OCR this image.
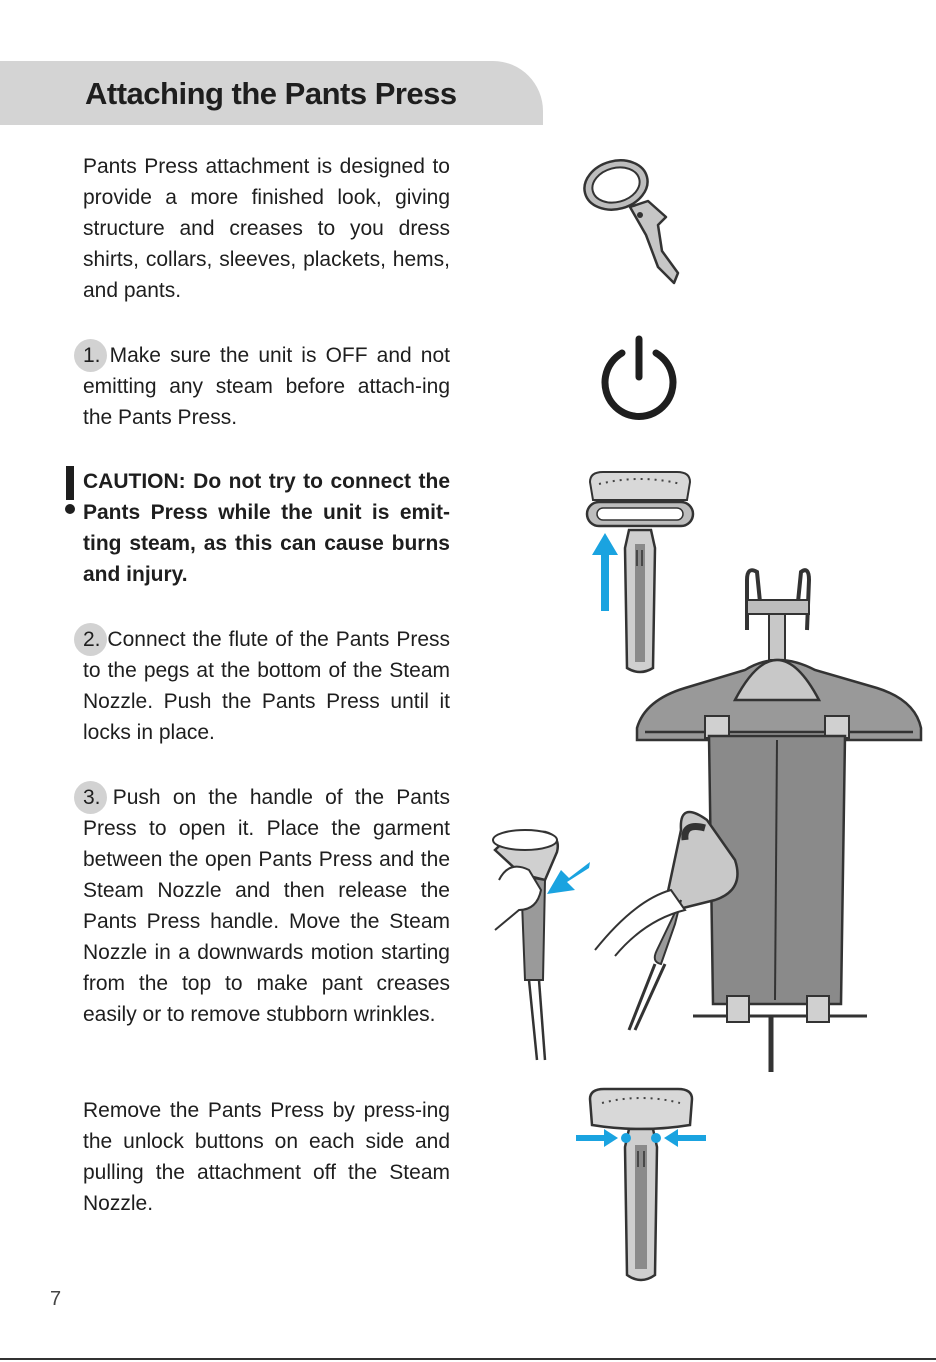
Attaching the Pants Press

Pants Press attachment is designed to provide a more finished look, giving structure and creases to you dress shirts, collars, sleeves, plackets, hems, and pants.

1. Make sure the unit is OFF and not emitting any steam before attach-ing the Pants Press.

CAUTION: Do not try to connect the Pants Press while the unit is emit-ting steam, as this can cause burns and injury.

2. Connect the flute of the Pants Press to the pegs at the bottom of the Steam Nozzle. Push the Pants Press until it locks in place.

3. Push on the handle of the Pants Press to open it. Place the garment between the open Pants Press and the Steam Nozzle and then release the Pants Press handle. Move the Steam Nozzle in a downwards motion starting from the top to make pant creases easily or to remove stubborn wrinkles.

Remove the Pants Press by press-ing the unlock buttons on each side and pulling the attachment off the Steam Nozzle.

7
